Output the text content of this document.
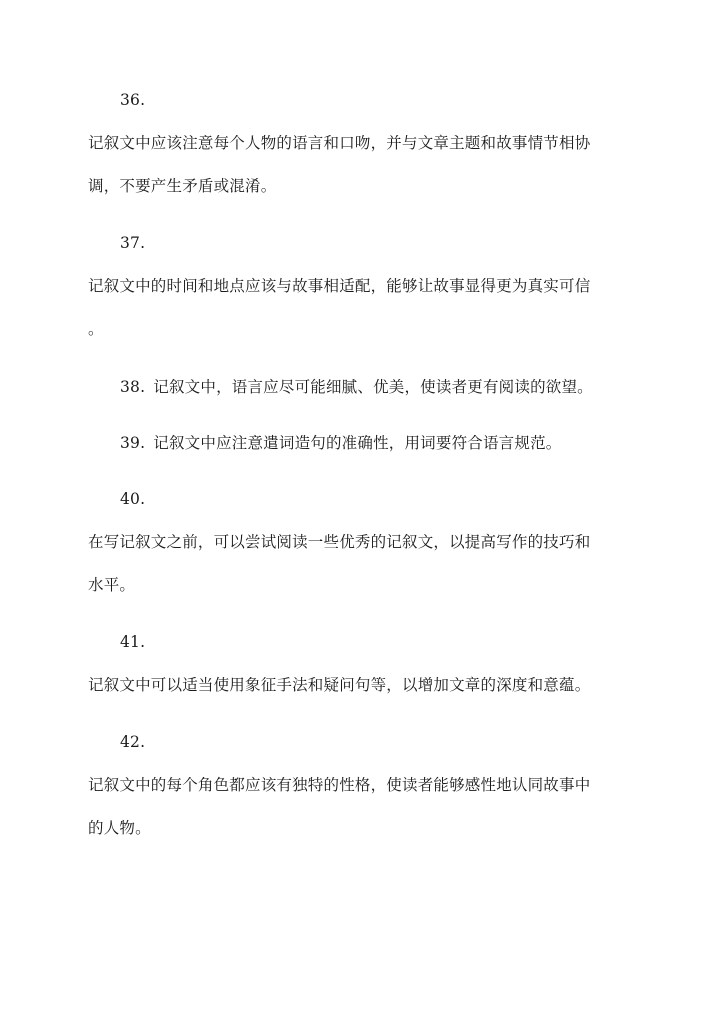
36.
记叙文中应该注意每个人物的语言和口吻，并与文章主题和故事情节相协
调，不要产生矛盾或混淆。
37.
记叙文中的时间和地点应该与故事相适配，能够让故事显得更为真实可信
。
38. 记叙文中，语言应尽可能细腻、优美，使读者更有阅读的欲望。
39. 记叙文中应注意遣词造句的准确性，用词要符合语言规范。
40.
在写记叙文之前，可以尝试阅读一些优秀的记叙文，以提高写作的技巧和
水平。
41.
记叙文中可以适当使用象征手法和疑问句等，以增加文章的深度和意蕴。
42.
记叙文中的每个角色都应该有独特的性格，使读者能够感性地认同故事中
的人物。
